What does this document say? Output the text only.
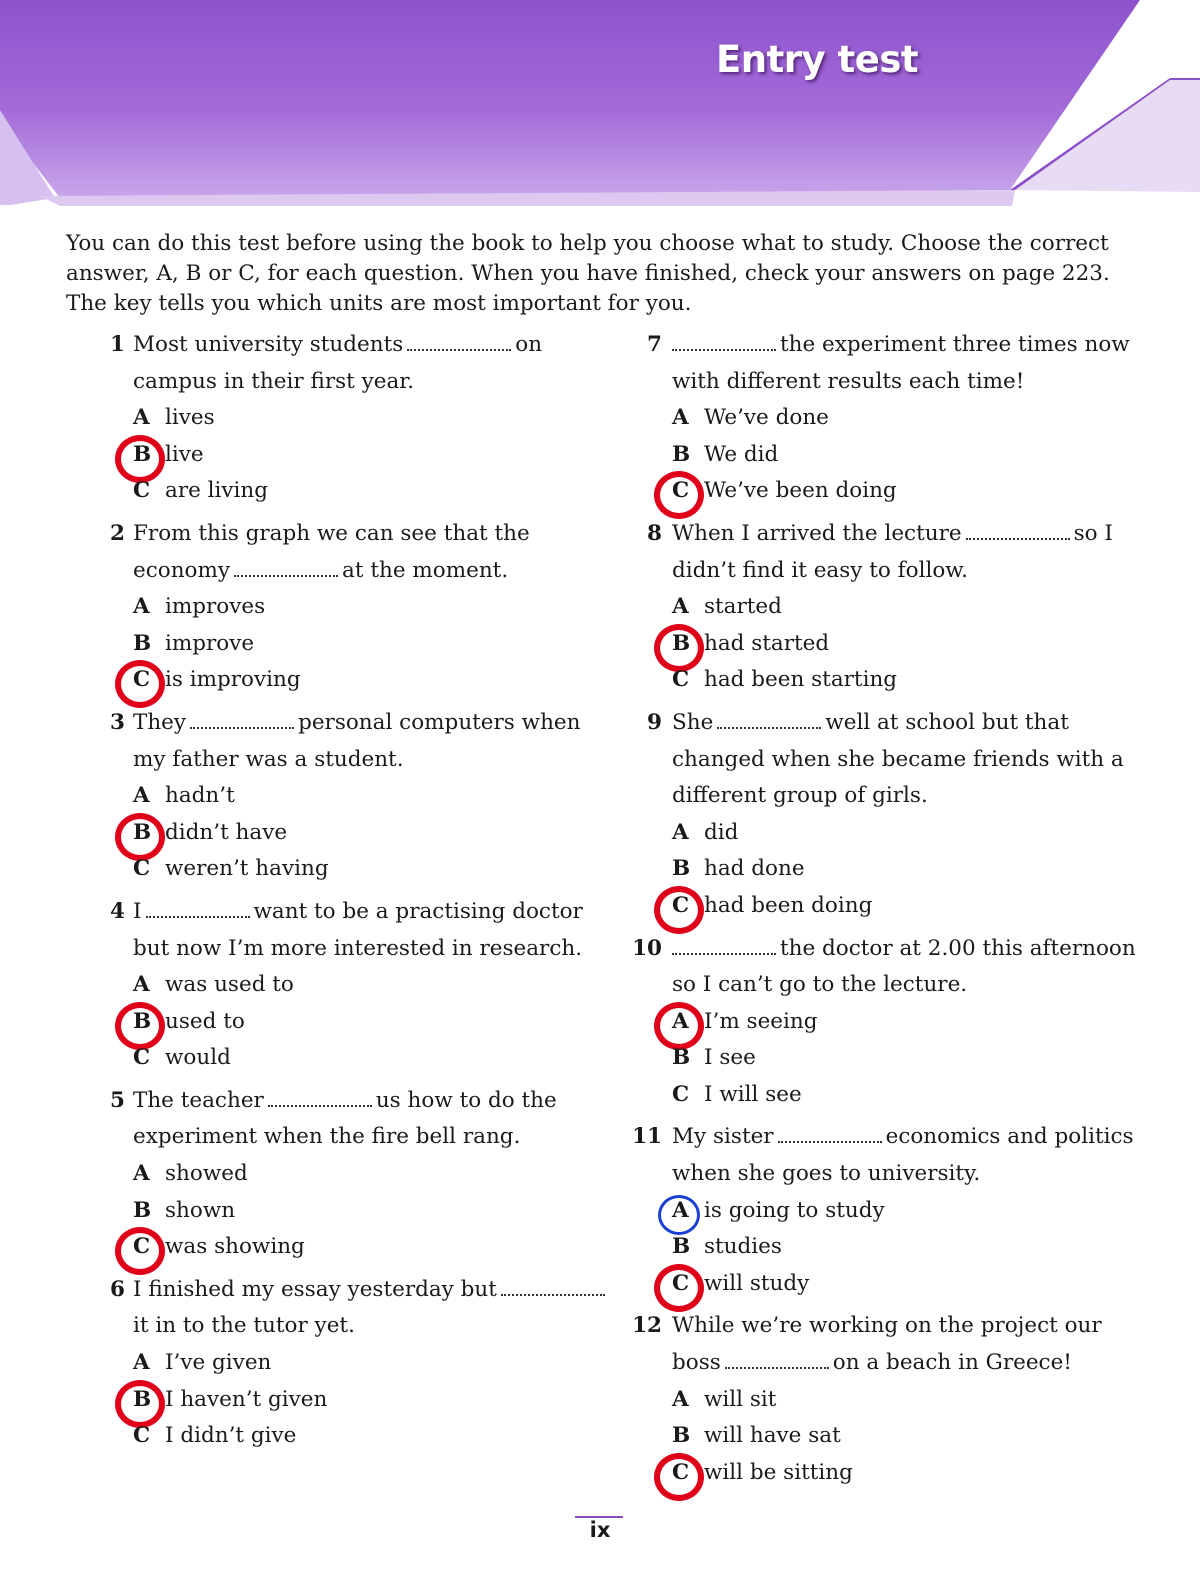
Entry test

You can do this test before using the book to help you choose what to study. Choose the correct answer, A, B or C, for each question. When you have finished, check your answers on page 223. The key tells you which units are most important for you.

1 Most university students	on campus in their first year.

A lives
B live
C are living
2 From this graph we can see that the economy	at the moment.

A improves
B improve
C is improving
3 They	personal computers when my father was a student.

A hadn’t
B didn’t have
C weren’t having
4 I	want to be a practising doctor but now I’m more interested in research.

A was used to
B used to
C would
5 The teacher	us how to do the experiment when the fire bell rang.

A showed
B shown
C was showing
6 I finished my essay yesterday butit in to the tutor yet.

A I’ve given
B I haven’t given
C I didn’t give
7	the experiment three times now with different results each time!

A We’ve done
B We did
C We’ve been doing
8 When I arrived the lecture	so I didn’t find it easy to follow.

A started
B had started
C had been starting
9 She	well at school but that changed when she became friends with a different group of girls.

A did
B had done
C had been doing
10	the doctor at 2.00 this afternoon so I can’t go to the lecture.

A I’m seeing
B I see
C I will see
11 My sister	economics and politics when she goes to university.

A is going to study
B studies
C will study
12 While we’re working on the project our boss	on a beach in Greece!

A will sit
B will have sat
C will be sitting
ix
